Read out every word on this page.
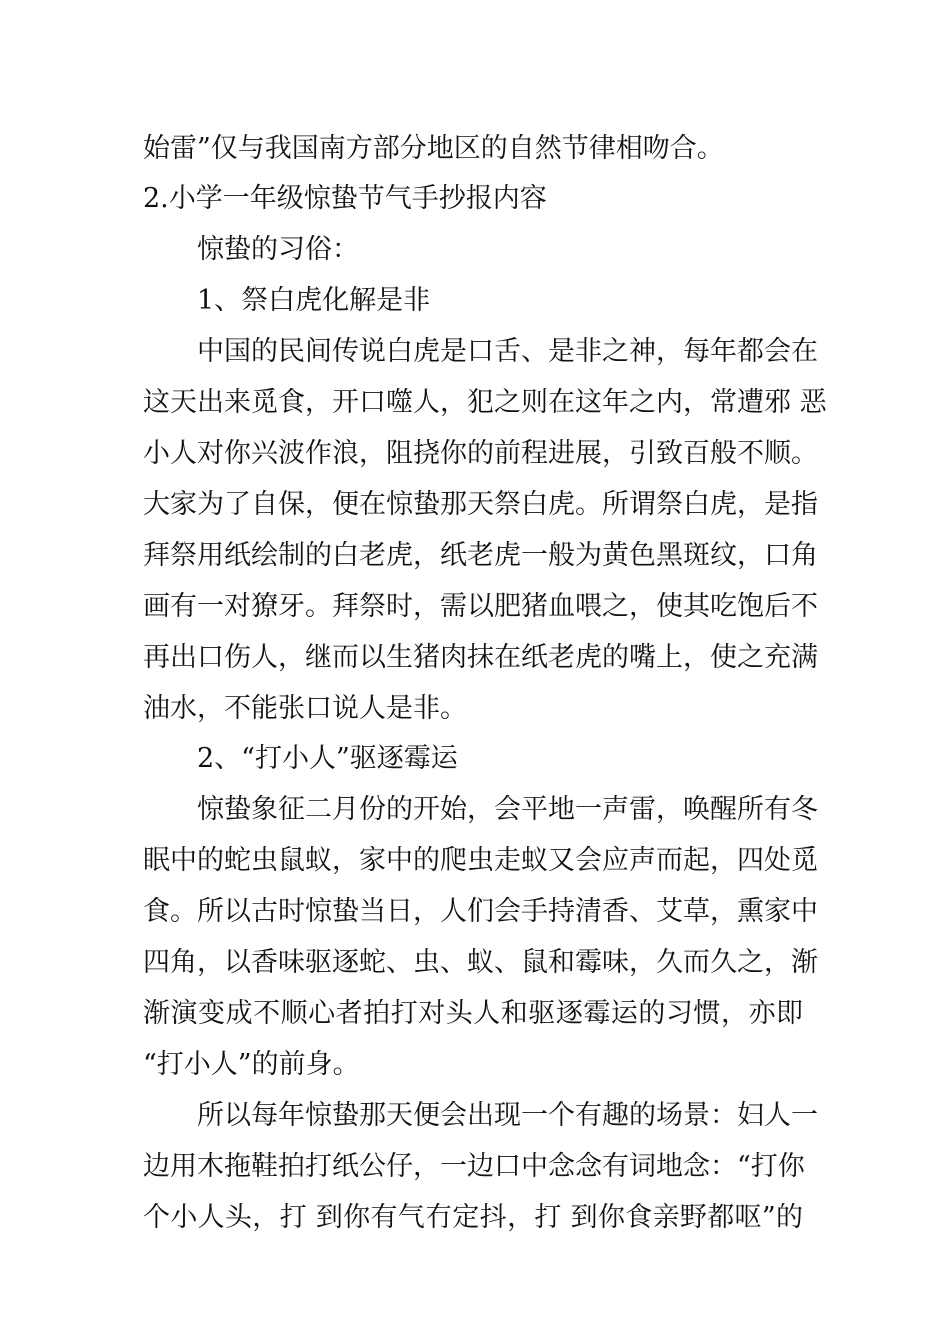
始雷”仅与我国南方部分地区的自然节律相吻合。
2.小学一年级惊蛰节气手抄报内容
惊蛰的习俗：
1、祭白虎化解是非
中国的民间传说白虎是口舌、是非之神，每年都会在
这天出来觅食，开口噬人，犯之则在这年之内，常遭邪 恶
小人对你兴波作浪，阻挠你的前程进展，引致百般不顺。
大家为了自保，便在惊蛰那天祭白虎。所谓祭白虎，是指
拜祭用纸绘制的白老虎，纸老虎一般为黄色黑斑纹，口角
画有一对獠牙。拜祭时，需以肥猪血喂之，使其吃饱后不
再出口伤人，继而以生猪肉抹在纸老虎的嘴上，使之充满
油水，不能张口说人是非。
2、“打小人”驱逐霉运
惊蛰象征二月份的开始，会平地一声雷，唤醒所有冬
眠中的蛇虫鼠蚁，家中的爬虫走蚁又会应声而起，四处觅
食。所以古时惊蛰当日，人们会手持清香、艾草，熏家中
四角，以香味驱逐蛇、虫、蚁、鼠和霉味，久而久之，渐
渐演变成不顺心者拍打对头人和驱逐霉运的习惯，亦即
“打小人”的前身。
所以每年惊蛰那天便会出现一个有趣的场景：妇人一
边用木拖鞋拍打纸公仔，一边口中念念有词地念：“打你
个小人头，打 到你有气冇定抖，打 到你食亲野都呕”的
